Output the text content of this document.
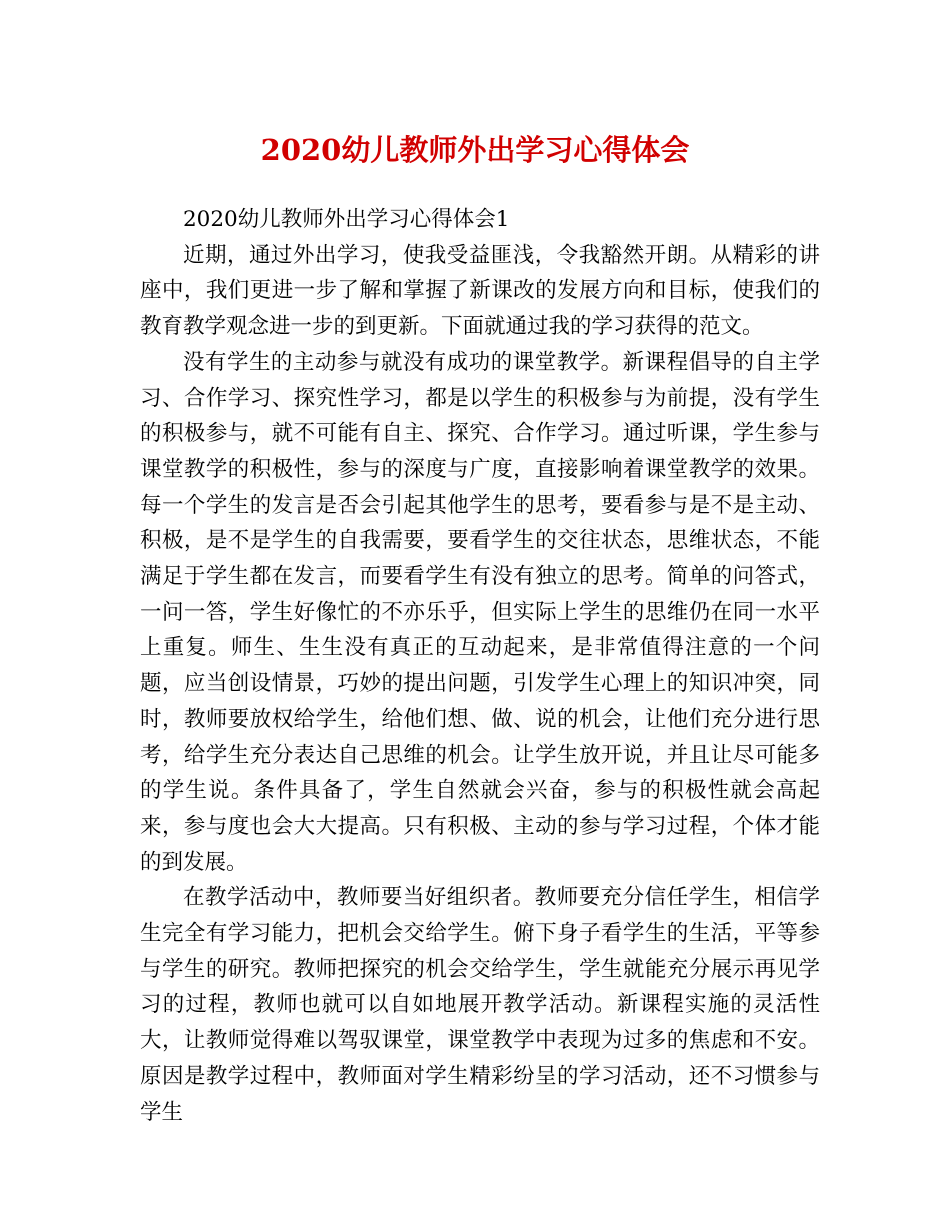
2020幼儿教师外出学习心得体会

2020幼儿教师外出学习心得体会1

近期，通过外出学习，使我受益匪浅，令我豁然开朗。从精彩的讲座中，我们更进一步了解和掌握了新课改的发展方向和目标，使我们的教育教学观念进一步的到更新。下面就通过我的学习获得的范文。

没有学生的主动参与就没有成功的课堂教学。新课程倡导的自主学习、合作学习、探究性学习，都是以学生的积极参与为前提，没有学生的积极参与，就不可能有自主、探究、合作学习。通过听课，学生参与课堂教学的积极性，参与的深度与广度，直接影响着课堂教学的效果。每一个学生的发言是否会引起其他学生的思考，要看参与是不是主动、积极，是不是学生的自我需要，要看学生的交往状态，思维状态，不能满足于学生都在发言，而要看学生有没有独立的思考。简单的问答式，一问一答，学生好像忙的不亦乐乎，但实际上学生的思维仍在同一水平上重复。师生、生生没有真正的互动起来，是非常值得注意的一个问题，应当创设情景，巧妙的提出问题，引发学生心理上的知识冲突，同时，教师要放权给学生，给他们想、做、说的机会，让他们充分进行思考，给学生充分表达自己思维的机会。让学生放开说，并且让尽可能多的学生说。条件具备了，学生自然就会兴奋，参与的积极性就会高起来，参与度也会大大提高。只有积极、主动的参与学习过程，个体才能的到发展。

在教学活动中，教师要当好组织者。教师要充分信任学生，相信学生完全有学习能力，把机会交给学生。俯下身子看学生的生活，平等参与学生的研究。教师把探究的机会交给学生，学生就能充分展示再见学习的过程，教师也就可以自如地展开教学活动。新课程实施的灵活性大，让教师觉得难以驾驭课堂，课堂教学中表现为过多的焦虑和不安。原因是教学过程中，教师面对学生精彩纷呈的学习活动，还不习惯参与学生
